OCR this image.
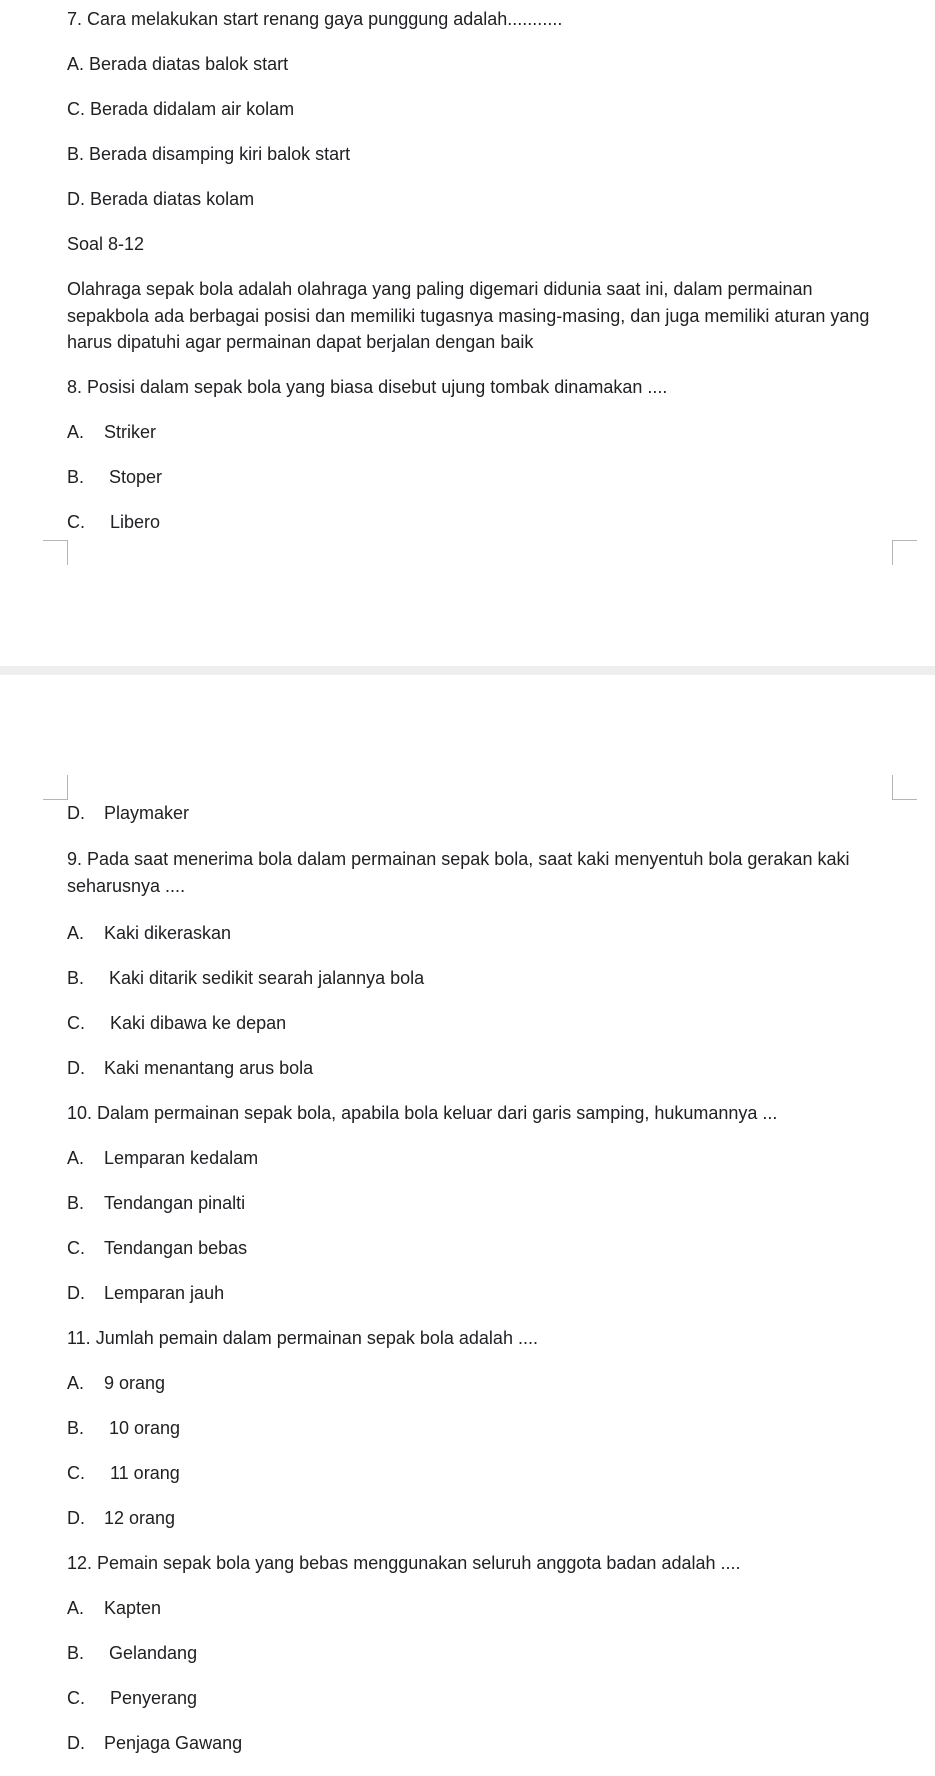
7. Cara melakukan start renang gaya punggung adalah...........
A. Berada diatas balok start
C. Berada didalam air kolam
B. Berada disamping kiri balok start
D. Berada diatas kolam
Soal 8-12
Olahraga sepak bola adalah olahraga yang paling digemari didunia saat ini, dalam permainan sepakbola ada berbagai posisi dan memiliki tugasnya masing-masing, dan juga memiliki aturan yang harus dipatuhi agar permainan dapat berjalan dengan baik
8. Posisi dalam sepak bola yang biasa disebut ujung tombak dinamakan ....
A. Striker
B. Stoper
C. Libero
D. Playmaker
9. Pada saat menerima bola dalam permainan sepak bola, saat kaki menyentuh bola gerakan kaki seharusnya ....
A. Kaki dikeraskan
B. Kaki ditarik sedikit searah jalannya bola
C. Kaki dibawa ke depan
D. Kaki menantang arus bola
10. Dalam permainan sepak bola, apabila bola keluar dari garis samping, hukumannya ...
A. Lemparan kedalam
B. Tendangan pinalti
C. Tendangan bebas
D. Lemparan jauh
11. Jumlah pemain dalam permainan sepak bola adalah ....
A. 9 orang
B. 10 orang
C. 11 orang
D. 12 orang
12. Pemain sepak bola yang bebas menggunakan seluruh anggota badan adalah ....
A. Kapten
B. Gelandang
C. Penyerang
D. Penjaga Gawang
